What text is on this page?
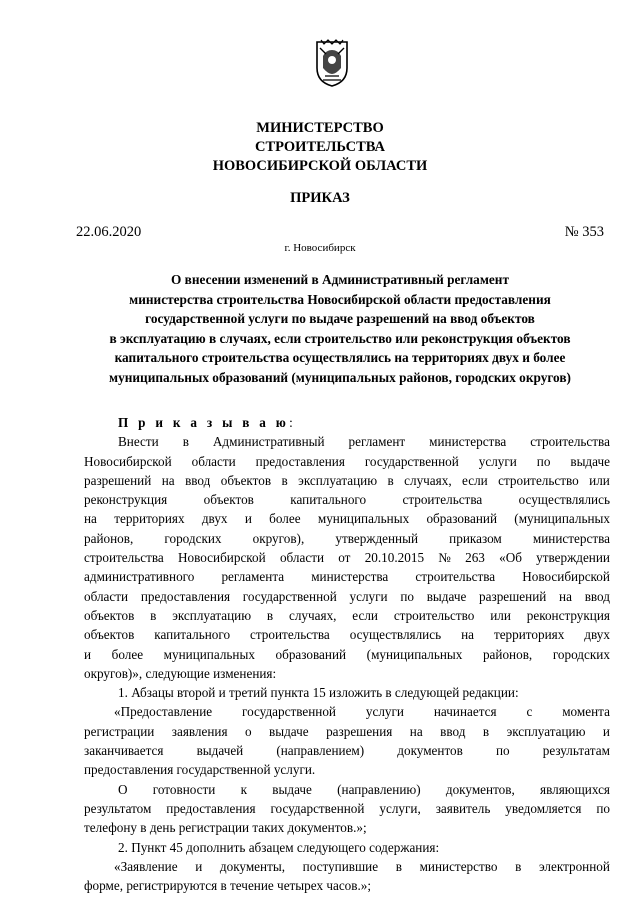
МИНИСТЕРСТВО
СТРОИТЕЛЬСТВА
НОВОСИБИРСКОЙ ОБЛАСТИ
ПРИКАЗ
22.06.2020	№ 353
г. Новосибирск
О внесении изменений в Административный регламент
министерства строительства Новосибирской области предоставления
государственной услуги по выдаче разрешений на ввод объектов
в эксплуатацию в случаях, если строительство или реконструкция объектов
капитального строительства осуществлялись на территориях двух и более
муниципальных образований (муниципальных районов, городских округов)
П р и к а з ы в а ю:
Внести в Административный регламент министерства строительства
Новосибирской области предоставления государственной услуги по выдаче
разрешений на ввод объектов в эксплуатацию в случаях, если строительство или
реконструкция	объектов	капитального	строительства	осуществлялись
на территориях двух и более муниципальных образований (муниципальных
районов, городских округов), утвержденный приказом министерства
строительства Новосибирской области от 20.10.2015 № 263 «Об утверждении
административного регламента министерства строительства Новосибирской
области предоставления государственной услуги по выдаче разрешений на ввод
объектов в эксплуатацию в случаях, если строительство или реконструкция
объектов капитального строительства осуществлялись на территориях двух
и более муниципальных образований (муниципальных районов, городских
округов)», следующие изменения:
1. Абзацы второй и третий пункта 15 изложить в следующей редакции:
«Предоставление государственной услуги начинается с момента
регистрации заявления о выдаче разрешения на ввод в эксплуатацию и
заканчивается	выдачей	(направлением)	документов	по	результатам
предоставления государственной услуги.
О готовности к выдаче (направлению) документов, являющихся
результатом предоставления государственной услуги, заявитель уведомляется по
телефону в день регистрации таких документов.»;
2. Пункт 45 дополнить абзацем следующего содержания:
«Заявление и документы, поступившие в министерство в электронной
форме, регистрируются в течение четырех часов.»;
